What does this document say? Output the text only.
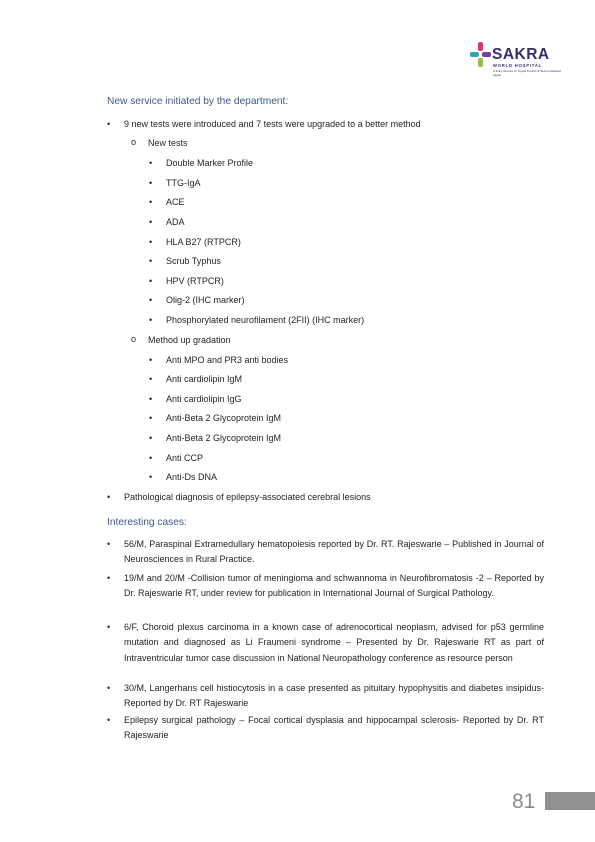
SAKRA
WORLD HOSPITAL
A Joint Venture of Toyota Tsusho & Secom Medical, Japan
New service initiated by the department:
• 9 new tests were introduced and 7 tests were upgraded to a better method
o New tests
• Double Marker Profile
• TTG-IgA
• ACE
• ADA
• HLA B27 (RTPCR)
• Scrub Typhus
• HPV (RTPCR)
• Olig-2 (IHC marker)
• Phosphorylated neurofilament (2FII) (IHC marker)
o Method up gradation
• Anti MPO and PR3 anti bodies
• Anti cardiolipin IgM
• Anti cardiolipin IgG
• Anti-Beta 2 Glycoprotein IgM
• Anti-Beta 2 Glycoprotein IgM
• Anti CCP
• Anti-Ds DNA
• Pathological diagnosis of epilepsy-associated cerebral lesions
Interesting cases:
• 56/M, Paraspinal Extramedullary hematopoiesis reported by Dr. RT. Rajeswarie – Published in Journal of Neurosciences in Rural Practice.
• 19/M and 20/M -Collision tumor of meningioma and schwannoma in Neurofibromatosis -2 – Reported by Dr. Rajeswarie RT, under review for publication in International Journal of Surgical Pathology.
• 6/F, Choroid plexus carcinoma in a known case of adrenocortical neoplasm, advised for p53 germline mutation and diagnosed as Li Fraumeni syndrome – Presented by Dr. Rajeswarie RT as part of Intraventricular tumor case discussion in National Neuropathology conference as resource person
• 30/M, Langerhans cell histiocytosis in a case presented as pituitary hypophysitis and diabetes insipidus- Reported by Dr. RT Rajeswarie
• Epilepsy surgical pathology – Focal cortical dysplasia and hippocampal sclerosis- Reported by Dr. RT Rajeswarie
81
